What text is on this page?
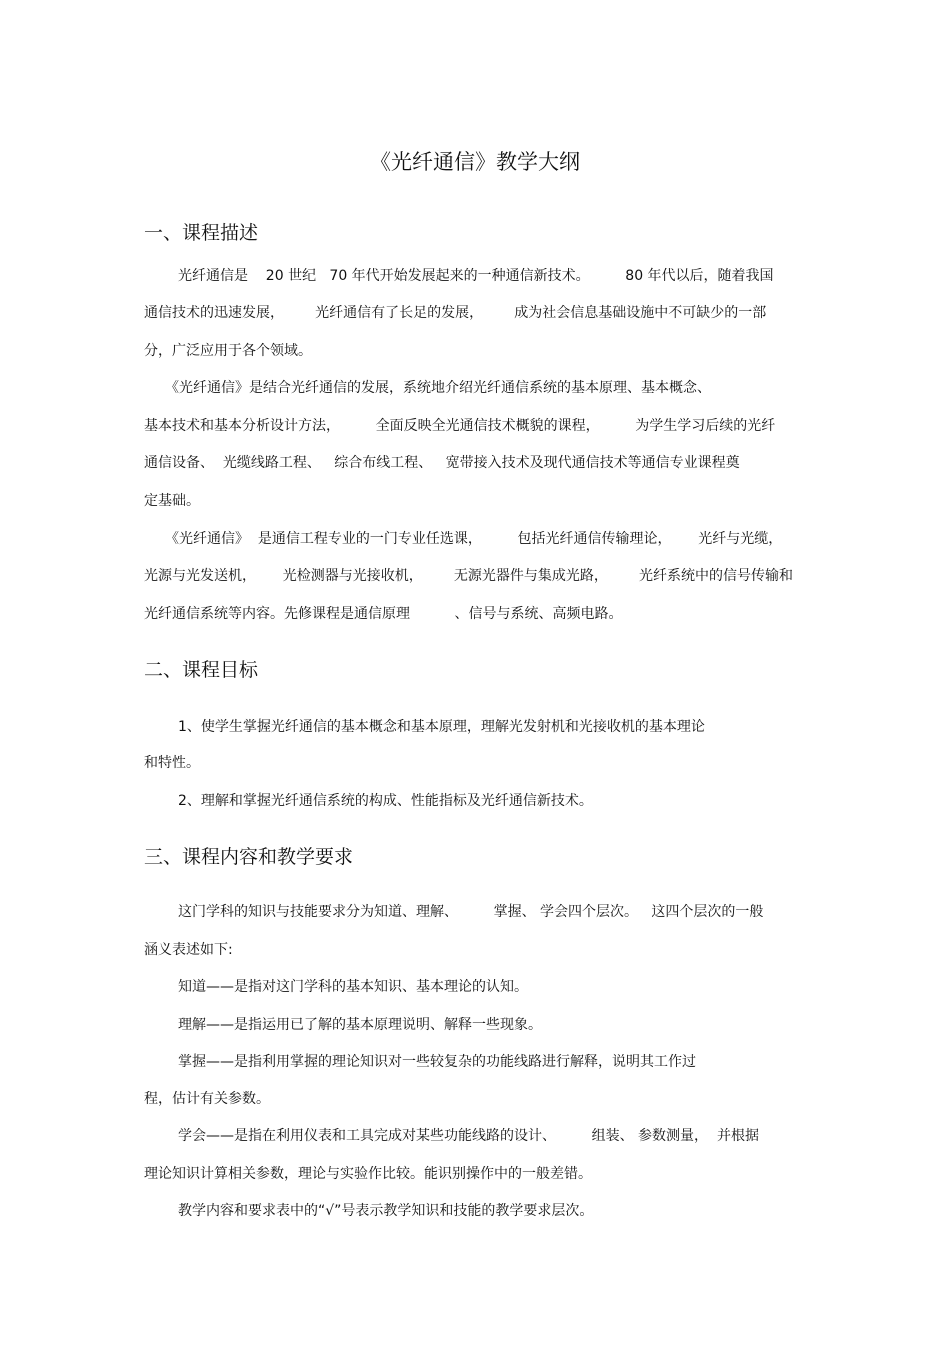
《光纤通信》教学大纲
一、课程描述

光纤通信是    20 世纪   70 年代开始发展起来的一种通信新技术。        80 年代以后，随着我国

通信技术的迅速发展，       光纤通信有了长足的发展，       成为社会信息基础设施中不可缺少的一部

分，广泛应用于各个领域。

《光纤通信》是结合光纤通信的发展，系统地介绍光纤通信系统的基本原理、基本概念、

基本技术和基本分析设计方法，        全面反映全光通信技术概貌的课程，        为学生学习后续的光纤

通信设备、  光缆线路工程、   综合布线工程、   宽带接入技术及现代通信技术等通信专业课程奠

定基础。

《光纤通信》  是通信工程专业的一门专业任选课，        包括光纤通信传输理论，      光纤与光缆，

光源与光发送机，      光检测器与光接收机，       无源光器件与集成光路，       光纤系统中的信号传输和

光纤通信系统等内容。先修课程是通信原理          、信号与系统、高频电路。

二、课程目标

1、使学生掌握光纤通信的基本概念和基本原理，理解光发射机和光接收机的基本理论

和特性。

2、理解和掌握光纤通信系统的构成、性能指标及光纤通信新技术。

三、课程内容和教学要求

这门学科的知识与技能要求分为知道、理解、        掌握、 学会四个层次。   这四个层次的一般

涵义表述如下:

知道——是指对这门学科的基本知识、基本理论的认知。

理解——是指运用已了解的基本原理说明、解释一些现象。

掌握——是指利用掌握的理论知识对一些较复杂的功能线路进行解释，说明其工作过

程，估计有关参数。

学会——是指在利用仪表和工具完成对某些功能线路的设计、        组装、 参数测量，  并根据

理论知识计算相关参数，理论与实验作比较。能识别操作中的一般差错。

教学内容和要求表中的“√”号表示教学知识和技能的教学要求层次。
